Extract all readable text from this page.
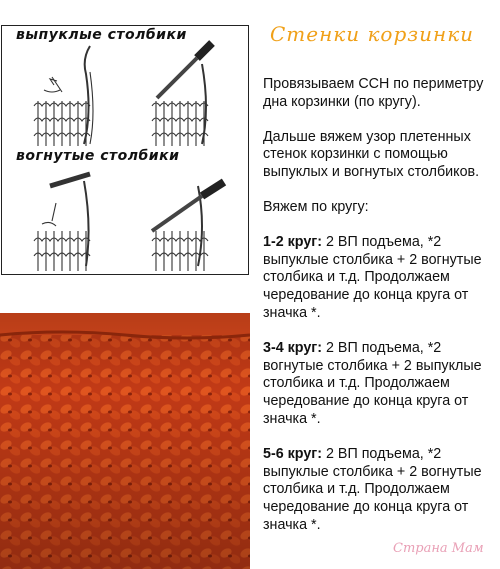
выпуклые столбики
вогнутые столбики
Стенки корзинки

Провязываем ССН по периметру дна корзинки (по кругу).

Дальше вяжем узор плетенных стенок корзинки с помощью выпуклых и вогнутых столбиков.

Вяжем по кругу:

1-2 круг: 2 ВП подъема, *2 выпуклые столбика + 2 вогнутые столбика и т.д. Продолжаем чередование до конца круга от значка *.

3-4 круг: 2 ВП подъема, *2 вогнутые столбика + 2 выпуклые столбика и т.д. Продолжаем чередование до конца круга от значка *.

5-6 круг: 2 ВП подъема, *2 выпуклые столбика + 2 вогнутые столбика и т.д. Продолжаем чередование до конца круга от значка *.

Страна Мам
